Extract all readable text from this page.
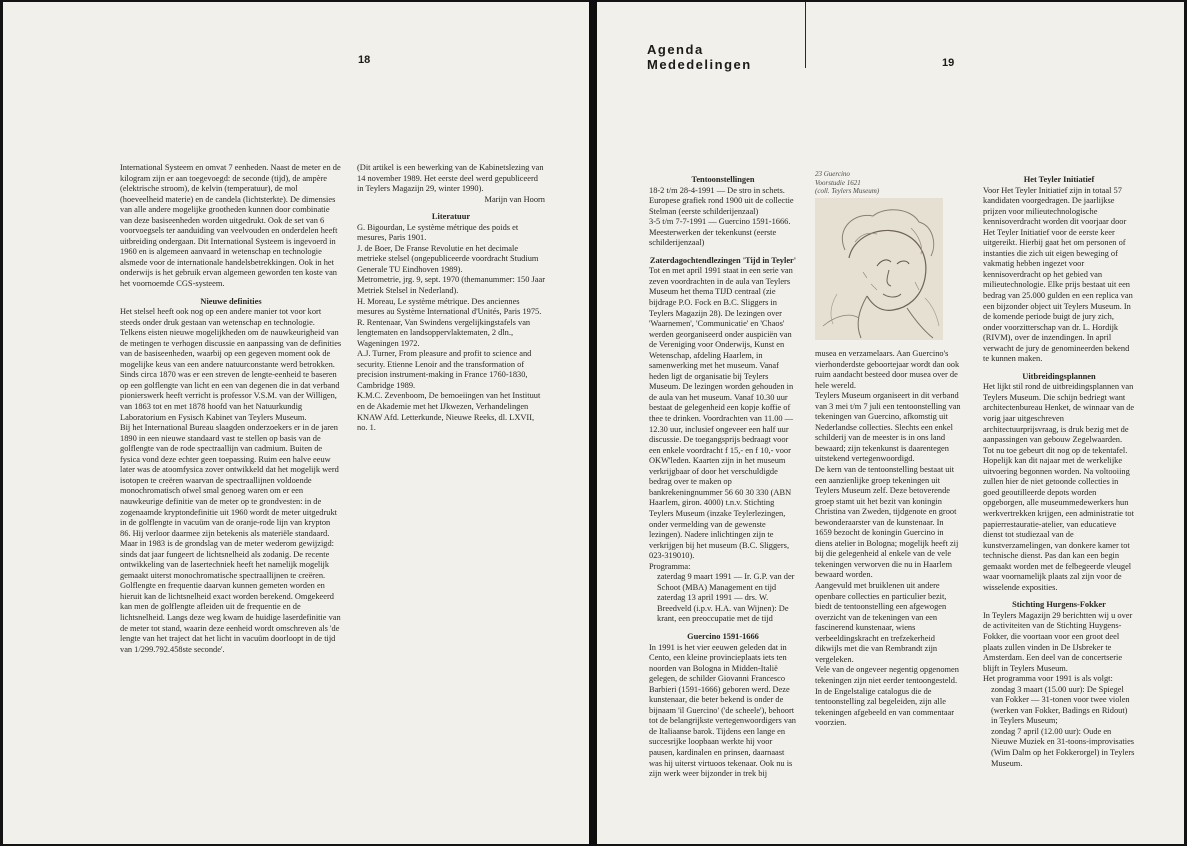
18

International Systeem en omvat 7 eenheden. Naast de meter en de kilogram zijn er aan toegevoegd: de seconde (tijd), de ampère (elektrische stroom), de kelvin (temperatuur), de mol (hoeveelheid materie) en de candela (lichtsterkte). De dimensies van alle andere mogelijke grootheden kunnen door combinatie van deze basiseenheden worden uitgedrukt. Ook de set van 6 voorvoegsels ter aanduiding van veelvouden en onderdelen heeft uitbreiding ondergaan. Dit International Systeem is ingevoerd in 1960 en is algemeen aanvaard in wetenschap en technologie alsmede voor de internationale handelsbetrekkingen. Ook in het onderwijs is het gebruik ervan algemeen geworden ten koste van het voornoemde CGS-systeem.

Nieuwe definities

Het stelsel heeft ook nog op een andere manier tot voor kort steeds onder druk gestaan van wetenschap en technologie. Telkens eisten nieuwe mogelijkheden om de nauwkeurigheid van de metingen te verhogen discussie en aanpassing van de definities van de basiseenheden, waarbij op een gegeven moment ook de mogelijke keus van een andere natuurconstante werd betrokken. Sinds circa 1870 was er een streven de lengte-eenheid te baseren op een golflengte van licht en een van degenen die in dat verband pionierswerk heeft verricht is professor V.S.M. van der Willigen, van 1863 tot en met 1878 hoofd van het Natuurkundig Laboratorium en Fysisch Kabinet van Teylers Museum.

Bij het International Bureau slaagden onderzoekers er in de jaren 1890 in een nieuwe standaard vast te stellen op basis van de golflengte van de rode spectraallijn van cadmium. Buiten de fysica vond deze echter geen toepassing. Ruim een halve eeuw later was de atoomfysica zover ontwikkeld dat het mogelijk werd isotopen te creëren waarvan de spectraallijnen voldoende monochromatisch ofwel smal genoeg waren om er een nauwkeurige definitie van de meter op te grondvesten: in de zogenaamde kryptondefinitie uit 1960 wordt de meter uitgedrukt in de golflengte in vacuüm van de oranje-rode lijn van krypton 86. Hij verloor daarmee zijn betekenis als materiële standaard.

Maar in 1983 is de grondslag van de meter wederom gewijzigd: sinds dat jaar fungeert de lichtsnelheid als zodanig. De recente ontwikkeling van de lasertechniek heeft het namelijk mogelijk gemaakt uiterst monochromatische spectraallijnen te creëren. Golflengte en frequentie daarvan kunnen gemeten worden en hieruit kan de lichtsnelheid exact worden berekend. Omgekeerd kan men de golflengte afleiden uit de frequentie en de lichtsnelheid. Langs deze weg kwam de huidige laserdefinitie van de meter tot stand, waarin deze eenheid wordt omschreven als 'de lengte van het traject dat het licht in vacuüm doorloopt in de tijd van 1/299.792.458ste seconde'.

(Dit artikel is een bewerking van de Kabinetslezing van 14 november 1989. Het eerste deel werd gepubliceerd in Teylers Magazijn 29, winter 1990).

Marijn van Hoorn

Literatuur

G. Bigourdan, Le système métrique des poids et mesures, Paris 1901.

J. de Boer, De Franse Revolutie en het decimale metrieke stelsel (ongepubliceerde voordracht Studium Generale TU Eindhoven 1989).

Metrometrie, jrg. 9, sept. 1970 (themanummer: 150 Jaar Metriek Stelsel in Nederland).

H. Moreau, Le système métrique. Des anciennes mesures au Système International d'Unités, Paris 1975.

R. Rentenaar, Van Swindens vergelijkingstafels van lengtematen en landsoppervlaktematen, 2 dln., Wageningen 1972.

A.J. Turner, From pleasure and profit to science and security. Etienne Lenoir and the transformation of precision instrument-making in France 1760-1830, Cambridge 1989.

K.M.C. Zevenboom, De bemoeiingen van het Instituut en de Akademie met het IJkwezen, Verhandelingen KNAW Afd. Letterkunde, Nieuwe Reeks, dl. LXVII, no. 1.

Agenda
Mededelingen	19
Tentoonstellingen

18-2 t/m 28-4-1991 — De stro in schets. Europese grafiek rond 1900 uit de collectie Stelman (eerste schilderijenzaal)

3-5 t/m 7-7-1991 — Guercino 1591-1666. Meesterwerken der tekenkunst (eerste schilderijenzaal)

Zaterdagochtendlezingen 'Tijd in Teyler'

Tot en met april 1991 staat in een serie van zeven voordrachten in de aula van Teylers Museum het thema TIJD centraal (zie bijdrage P.O. Fock en B.C. Sliggers in Teylers Magazijn 28). De lezingen over 'Waarnemen', 'Communicatie' en 'Chaos' werden georganiseerd onder auspiciën van de Vereniging voor Onderwijs, Kunst en Wetenschap, afdeling Haarlem, in samenwerking met het museum. Vanaf heden ligt de organisatie bij Teylers Museum. De lezingen worden gehouden in de aula van het museum. Vanaf 10.30 uur bestaat de gelegenheid een kopje koffie of thee te drinken. Voordrachten van 11.00 — 12.30 uur, inclusief ongeveer een half uur discussie. De toegangsprijs bedraagt voor een enkele voordracht f 15,- en f 10,- voor OKW'leden. Kaarten zijn in het museum verkrijgbaar of door het verschuldigde bedrag over te maken op bankrekeningnummer 56 60 30 330 (ABN Haarlem, giron. 4000) t.n.v. Stichting Teylers Museum (inzake Teylerlezingen, onder vermelding van de gewenste lezingen). Nadere inlichtingen zijn te verkrijgen bij het museum (B.C. Sliggers, 023-319010).

Programma:

zaterdag 9 maart 1991 — Ir. G.P. van der Schoot (MBA) Management en tijd

zaterdag 13 april 1991 — drs. W. Breedveld (i.p.v. H.A. van Wijnen): De krant, een preoccupatie met de tijd

Guercino 1591-1666

In 1991 is het vier eeuwen geleden dat in Cento, een kleine provincieplaats iets ten noorden van Bologna in Midden-Italië gelegen, de schilder Giovanni Francesco Barbieri (1591-1666) geboren werd. Deze kunstenaar, die beter bekend is onder de bijnaam 'il Guercino' ('de scheele'), behoort tot de belangrijkste vertegenwoordigers van de Italiaanse barok. Tijdens een lange en succesrijke loopbaan werkte hij voor pausen, kardinalen en prinsen, daarnaast was hij uiterst virtuoos tekenaar. Ook nu is zijn werk weer bijzonder in trek bij

23 Guercino
Voorstudie 1621
(coll. Teylers Museum)

musea en verzamelaars. Aan Guercino's vierhonderdste geboortejaar wordt dan ook ruim aandacht besteed door musea over de hele wereld.

Teylers Museum organiseert in dit verband van 3 mei t/m 7 juli een tentoonstelling van tekeningen van Guercino, afkomstig uit Nederlandse collecties. Slechts een enkel schilderij van de meester is in ons land bewaard; zijn tekenkunst is daarentegen uitstekend vertegenwoordigd.

De kern van de tentoonstelling bestaat uit een aanzienlijke groep tekeningen uit Teylers Museum zelf. Deze betoverende groep stamt uit het bezit van koningin Christina van Zweden, tijdgenote en groot bewonderaarster van de kunstenaar. In 1659 bezocht de koningin Guercino in diens atelier in Bologna; mogelijk heeft zij bij die gelegenheid al enkele van de vele tekeningen verworven die nu in Haarlem bewaard worden.

Aangevuld met bruiklenen uit andere openbare collecties en particulier bezit, biedt de tentoonstelling een afgewogen overzicht van de tekeningen van een fascinerend kunstenaar, wiens verbeeldingskracht en trefzekerheid dikwijls met die van Rembrandt zijn vergeleken.

Vele van de ongeveer negentig opgenomen tekeningen zijn niet eerder tentoongesteld. In de Engelstalige catalogus die de tentoonstelling zal begeleiden, zijn alle tekeningen afgebeeld en van commentaar voorzien.

Het Teyler Initiatief

Voor Het Teyler Initiatief zijn in totaal 57 kandidaten voorgedragen. De jaarlijkse prijzen voor milieutechnologische kennisoverdracht worden dit voorjaar door Het Teyler Initiatief voor de eerste keer uitgereikt. Hierbij gaat het om personen of instanties die zich uit eigen beweging of vakmatig hebben ingezet voor kennisoverdracht op het gebied van milieutechnologie. Elke prijs bestaat uit een bedrag van 25.000 gulden en een replica van een bijzonder object uit Teylers Museum. In de komende periode buigt de jury zich, onder voorzitterschap van dr. L. Hordijk (RIVM), over de inzendingen. In april verwacht de jury de genomineerden bekend te kunnen maken.

Uitbreidingsplannen

Het lijkt stil rond de uitbreidingsplannen van Teylers Museum. Die schijn bedriegt want architectenbureau Henket, de winnaar van de vorig jaar uitgeschreven architectuurprijsvraag, is druk bezig met de aanpassingen van gebouw Zegelwaarden. Tot nu toe gebeurt dit nog op de tekentafel. Hopelijk kan dit najaar met de werkelijke uitvoering begonnen worden. Na voltooiing zullen hier de niet getoonde collecties in goed geoutilleerde depots worden opgeborgen, alle museummedewerkers hun werkvertrekken krijgen, een administratie tot papierrestauratie-atelier, van educatieve dienst tot studiezaal van de kunstverzamelingen, van donkere kamer tot technische dienst. Pas dan kan een begin gemaakt worden met de felbegeerde vleugel waar voornamelijk plaats zal zijn voor de wisselende exposities.

Stichting Hurgens-Fokker

In Teylers Magazijn 29 berichtten wij u over de activiteiten van de Stichting Huygens-Fokker, die voortaan voor een groot deel plaats zullen vinden in De IJsbreker te Amsterdam. Een deel van de concertserie blijft in Teylers Museum.

Het programma voor 1991 is als volgt:

zondag 3 maart (15.00 uur): De Spiegel van Fokker — 31-tonen voor twee violen (werken van Fokker, Badings en Ridout) in Teylers Museum;

zondag 7 april (12.00 uur): Oude en Nieuwe Muziek en 31-toons-improvisaties (Wim Dalm op het Fokkerorgel) in Teylers Museum.
